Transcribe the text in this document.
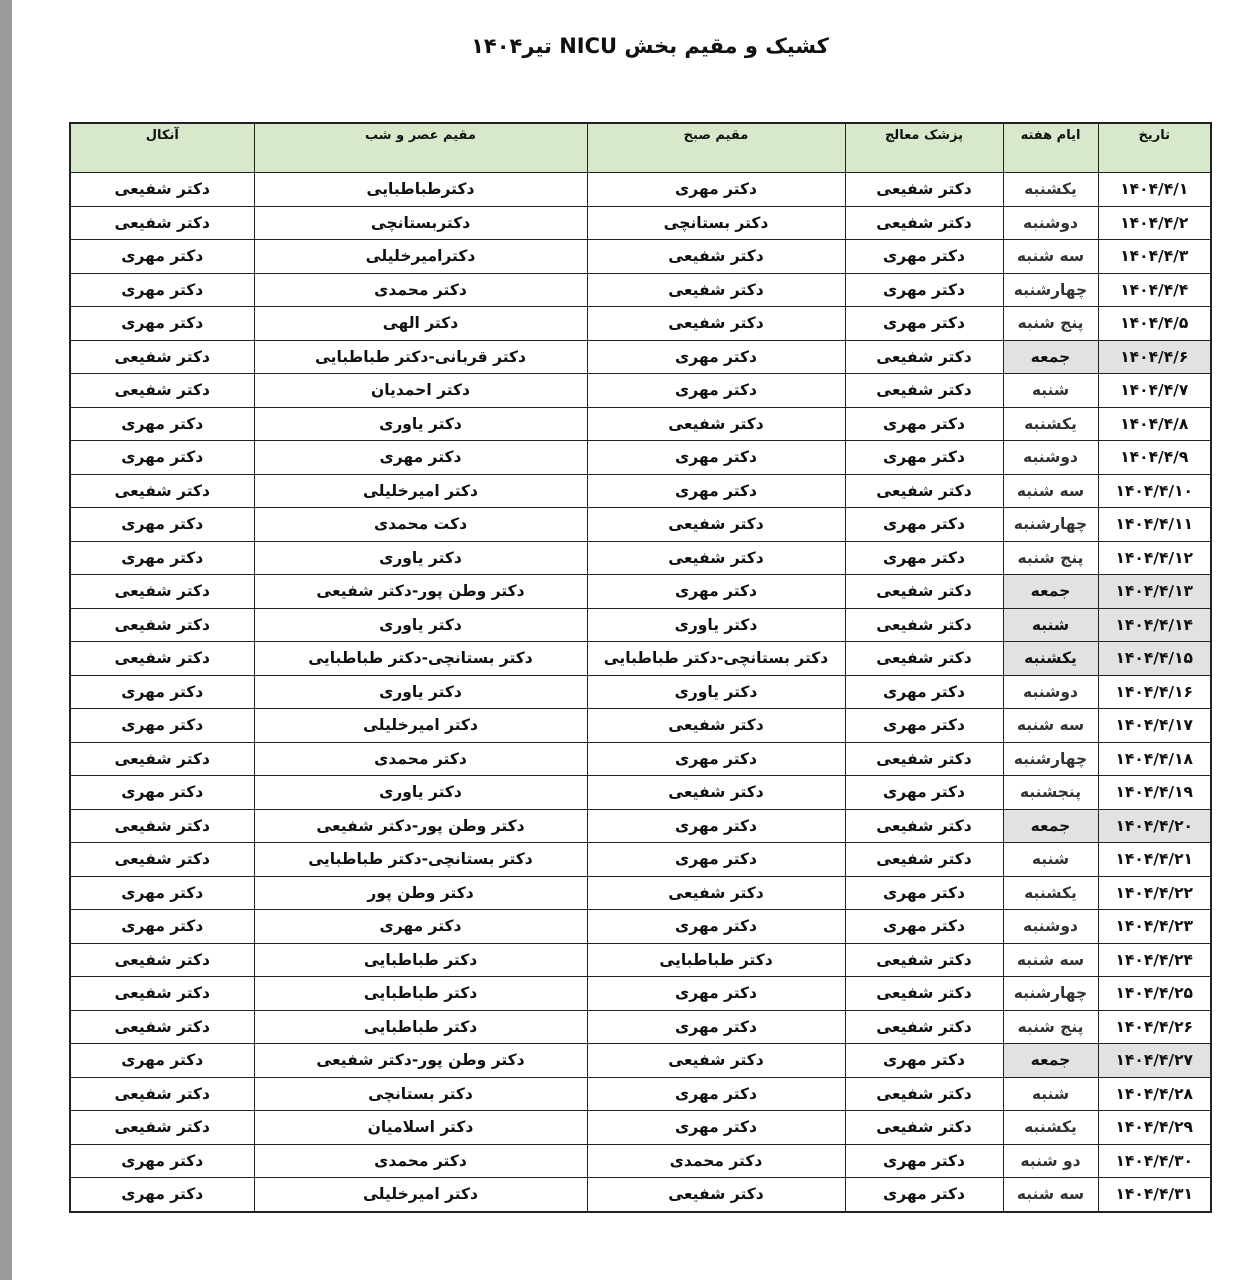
کشیک و مقیم بخش NICU تیر۱۴۰۴
تاریخ	ایام هفته	پزشک معالج	مقیم صبح	مقیم عصر و شب	آنکال
۱۴۰۴/۴/۱	یکشنبه	دکتر شفیعی	دکتر مهری	دکترطباطبایی	دکتر شفیعی
۱۴۰۴/۴/۲	دوشنبه	دکتر شفیعی	دکتر بستانچی	دکتربستانچی	دکتر شفیعی
۱۴۰۴/۴/۳	سه شنبه	دکتر مهری	دکتر شفیعی	دکترامیرخلیلی	دکتر مهری
۱۴۰۴/۴/۴	چهارشنبه	دکتر مهری	دکتر شفیعی	دکتر محمدی	دکتر مهری
۱۴۰۴/۴/۵	پنج شنبه	دکتر مهری	دکتر شفیعی	دکتر الهی	دکتر مهری
۱۴۰۴/۴/۶	جمعه	دکتر شفیعی	دکتر مهری	دکتر قربانی-دکتر طباطبایی	دکتر شفیعی
۱۴۰۴/۴/۷	شنبه	دکتر شفیعی	دکتر مهری	دکتر احمدیان	دکتر شفیعی
۱۴۰۴/۴/۸	یکشنبه	دکتر مهری	دکتر شفیعی	دکتر یاوری	دکتر مهری
۱۴۰۴/۴/۹	دوشنبه	دکتر مهری	دکتر مهری	دکتر مهری	دکتر مهری
۱۴۰۴/۴/۱۰	سه شنبه	دکتر شفیعی	دکتر مهری	دکتر امیرخلیلی	دکتر شفیعی
۱۴۰۴/۴/۱۱	چهارشنبه	دکتر مهری	دکتر شفیعی	دکت محمدی	دکتر مهری
۱۴۰۴/۴/۱۲	پنج شنبه	دکتر مهری	دکتر شفیعی	دکتر یاوری	دکتر مهری
۱۴۰۴/۴/۱۳	جمعه	دکتر شفیعی	دکتر مهری	دکتر وطن پور-دکتر شفیعی	دکتر شفیعی
۱۴۰۴/۴/۱۴	شنبه	دکتر شفیعی	دکتر یاوری	دکتر یاوری	دکتر شفیعی
۱۴۰۴/۴/۱۵	یکشنبه	دکتر شفیعی	دکتر بستانچی-دکتر طباطبایی	دکتر بستانچی-دکتر طباطبایی	دکتر شفیعی
۱۴۰۴/۴/۱۶	دوشنبه	دکتر مهری	دکتر یاوری	دکتر یاوری	دکتر مهری
۱۴۰۴/۴/۱۷	سه شنبه	دکتر مهری	دکتر شفیعی	دکتر امیرخلیلی	دکتر مهری
۱۴۰۴/۴/۱۸	چهارشنبه	دکتر شفیعی	دکتر مهری	دکتر محمدی	دکتر شفیعی
۱۴۰۴/۴/۱۹	پنجشنبه	دکتر مهری	دکتر شفیعی	دکتر یاوری	دکتر مهری
۱۴۰۴/۴/۲۰	جمعه	دکتر شفیعی	دکتر مهری	دکتر وطن پور-دکتر شفیعی	دکتر شفیعی
۱۴۰۴/۴/۲۱	شنبه	دکتر شفیعی	دکتر مهری	دکتر بستانچی-دکتر طباطبایی	دکتر شفیعی
۱۴۰۴/۴/۲۲	یکشنبه	دکتر مهری	دکتر شفیعی	دکتر وطن پور	دکتر مهری
۱۴۰۴/۴/۲۳	دوشنبه	دکتر مهری	دکتر مهری	دکتر مهری	دکتر مهری
۱۴۰۴/۴/۲۴	سه شنبه	دکتر شفیعی	دکتر طباطبایی	دکتر طباطبایی	دکتر شفیعی
۱۴۰۴/۴/۲۵	چهارشنبه	دکتر شفیعی	دکتر مهری	دکتر طباطبایی	دکتر شفیعی
۱۴۰۴/۴/۲۶	پنج شنبه	دکتر شفیعی	دکتر مهری	دکتر طباطبایی	دکتر شفیعی
۱۴۰۴/۴/۲۷	جمعه	دکتر مهری	دکتر شفیعی	دکتر وطن پور-دکتر شفیعی	دکتر مهری
۱۴۰۴/۴/۲۸	شنبه	دکتر شفیعی	دکتر مهری	دکتر بستانچی	دکتر شفیعی
۱۴۰۴/۴/۲۹	یکشنبه	دکتر شفیعی	دکتر مهری	دکتر اسلامیان	دکتر شفیعی
۱۴۰۴/۴/۳۰	دو شنبه	دکتر مهری	دکتر محمدی	دکتر محمدی	دکتر مهری
۱۴۰۴/۴/۳۱	سه شنبه	دکتر مهری	دکتر شفیعی	دکتر امیرخلیلی	دکتر مهری
